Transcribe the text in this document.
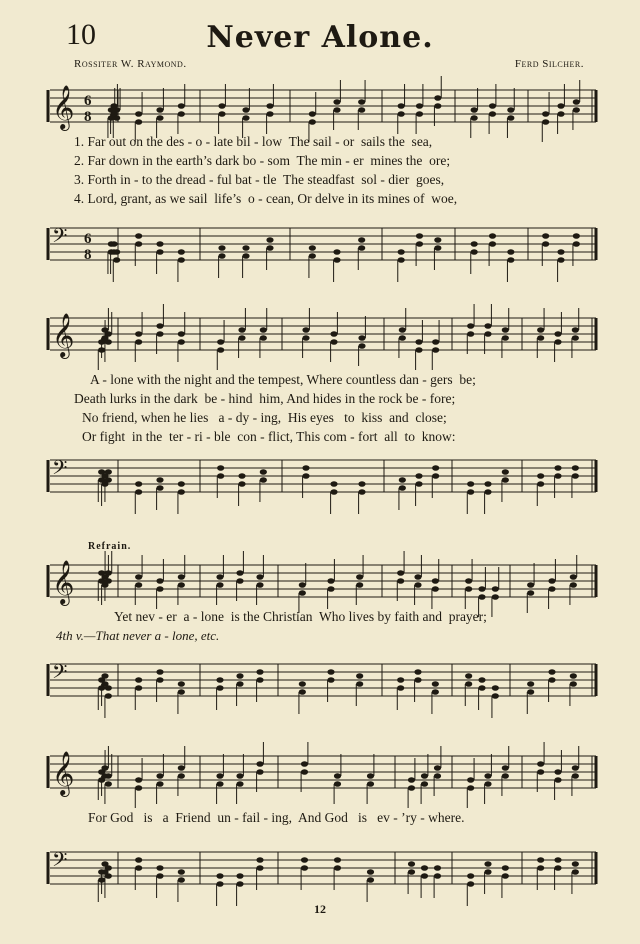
10	Never Alone.
Rossiter W. Raymond.	Ferd Silcher.
𝄞 6
8
1. Far out on the des - o - late bil - low  The sail - or  sails the  sea,
2. Far down in the earth’s dark bo - som  The min - er  mines the  ore;
3. Forth in - to the dread - ful bat - tle  The steadfast  sol - dier  goes,
4. Lord, grant, as we sail  life’s  o - cean, Or delve in its mines of  woe,
𝄢 6
8
𝄞
A - lone with the night and the tempest, Where countless dan - gers  be;
Death lurks in the dark  be - hind  him, And hides in the rock be - fore;
No friend, when he lies   a - dy - ing,  His eyes   to  kiss  and  close;
Or fight  in the  ter - ri - ble  con - flict, This com - fort  all  to  know:
𝄢
Refrain.
𝄞
Yet nev - er  a - lone  is the Christian  Who lives by faith and  prayer;
4th v.—That never a - lone, etc.
𝄢
𝄞
For God   is   a  Friend  un - fail - ing,  And God   is   ev - ’ry - where.
𝄢
12
